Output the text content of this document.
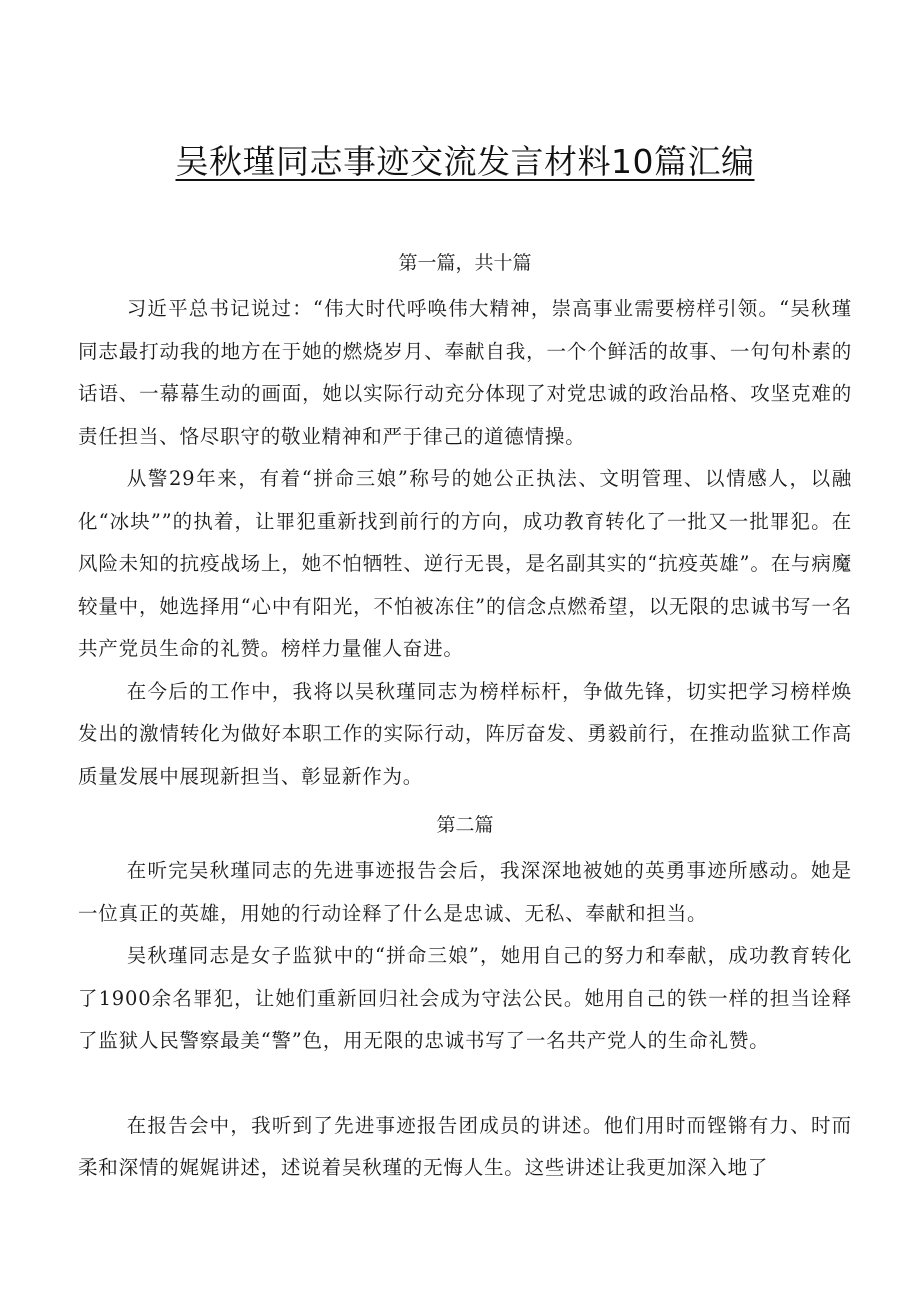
吴秋瑾同志事迹交流发言材料10篇汇编
第一篇，共十篇

习近平总书记说过：“伟大时代呼唤伟大精神，崇高事业需要榜样引领。“吴秋瑾同志最打动我的地方在于她的燃烧岁月、奉献自我，一个个鲜活的故事、一句句朴素的话语、一幕幕生动的画面，她以实际行动充分体现了对党忠诚的政治品格、攻坚克难的责任担当、恪尽职守的敬业精神和严于律己的道德情操。

从警29年来，有着“拼命三娘”称号的她公正执法、文明管理、以情感人，以融化“冰块””的执着，让罪犯重新找到前行的方向，成功教育转化了一批又一批罪犯。在风险未知的抗疫战场上，她不怕牺牲、逆行无畏，是名副其实的“抗疫英雄”。在与病魔较量中，她选择用“心中有阳光，不怕被冻住”的信念点燃希望，以无限的忠诚书写一名共产党员生命的礼赞。榜样力量催人奋进。

在今后的工作中，我将以吴秋瑾同志为榜样标杆，争做先锋，切实把学习榜样焕发出的激情转化为做好本职工作的实际行动，阵厉奋发、勇毅前行，在推动监狱工作高质量发展中展现新担当、彰显新作为。

第二篇

在听完吴秋瑾同志的先进事迹报告会后，我深深地被她的英勇事迹所感动。她是一位真正的英雄，用她的行动诠释了什么是忠诚、无私、奉献和担当。

吴秋瑾同志是女子监狱中的“拼命三娘”，她用自己的努力和奉献，成功教育转化了1900余名罪犯，让她们重新回归社会成为守法公民。她用自己的铁一样的担当诠释了监狱人民警察最美“警”色，用无限的忠诚书写了一名共产党人的生命礼赞。

在报告会中，我听到了先进事迹报告团成员的讲述。他们用时而铿锵有力、时而柔和深情的娓娓讲述，述说着吴秋瑾的无悔人生。这些讲述让我更加深入地了
